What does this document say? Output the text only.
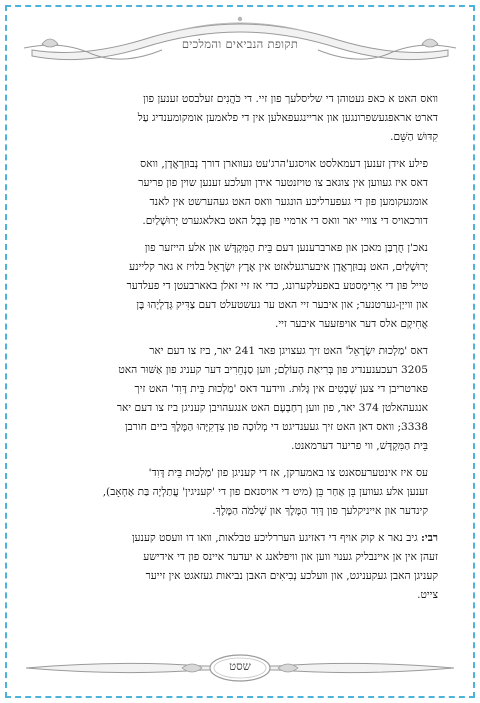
תקופת הנביאים והמלכים

וואס האט א כאפ געטוהן די שליסלעך פון זיי. די כֹּהֲנִים זעלבסט זענען פון
דארט אראפגעשפרונגען און אריינגעפאלען אין די פלאמען אומקומענדיג עַל
קִדּוּשׁ הַשֵּׁם.

פילע אידן זענען דעמאלסט אויסגע'הרג'עט געווארן דורך נְבוּזַרְאֲדָן, וואס
דאס איז געווען אין צוגאב צו טויזנטער אידן וועלכע זענען שוין פון פריער
אומגעקומען פון די געפערליכע הונגער וואס האט געהערשט אין לאנד
דורכאויס די צוויי יאר וואס די ארמיי פון בָּבֶל האט באלאגערט יְרוּשָׁלַיִם.

נאכ'ן חֻרְבַּן מאכן און פארברענען דעם בֵּית הַמִּקְדָּשׁ און אלע הייזער פון
יְרוּשָׁלַיִם, האט נְבוּזַרְאֲדָן איבערגעלאזט אין אֶרֶץ יִשְׂרָאֵל בלויז א גאר קליינע
טייל פון די אָרִימָסטע באפעלקערונג, כדי אז זיי זאלן באארבעטן די פעלדער
און ווייַן-גערטנער; און איבער זיי האט ער געשטעלט דעם צַדִּיק גְּדַלְיָהוּ בֶּן
אֲחִיקָם אלס דער אויפזעער איבער זיי.

דאס 'מַלְכוּת יִשְׂרָאֵל' האט זיך געצויגן פאר 241 יאר, ביז צו דעם יאר
3205 רעכענענדיג פון בְּרִיאַת הָעוֹלָם; ווען סַנְחֵרִיב דער קעניג פון אַשּׁוּר האט
פארטריבן די צען שְׁבָטִים אין גָּלוּת. ווידער דאס 'מַלְכוּת בֵּית דָּוִד' האט זיך
אנגעהאלטן 374 יאר, פון ווען רְחַבְעָם האט אנגעהויבן קעניגן ביז צו דעם יאר
3338; וואס דאן האט זיך געענדיגט די מְלוּכָה פון צִדְקִיָּהוּ הַמֶּלֶךְ ביים חורבן
בֵּית הַמִּקְדָּשׁ, ווי פריער דערמאנט.

עס איז אינטערעסאנט צו באמערקן, אז די קעניגן פון 'מַלְכוּת בֵּית דָּוִד'
זענען אלע געווען בֵּן אַחַר בֵּן (מיט די אויסנאם פון די 'קעניגין' עֲתַלְיָה בַּת אַחְאָב),
קינדער און אייניקלעך פון דָּוִד הַמֶּלֶךְ און שְׁלֹמֹה הַמֶּלֶךְ.

רבי: גיב נאר א קוק אויף די דאזיגע העררליכע טבלאות, וואו דו וועסט קענען
זעהן אין אן איינבליק גענוי ווען און וויפלאנג א יעדער איינס פון די אידישע
קעניגן האבן געקעניגט, און וועלכע נְבִיאִים האבן נביאות געזאגט אין זייער
צייט.

שסט
